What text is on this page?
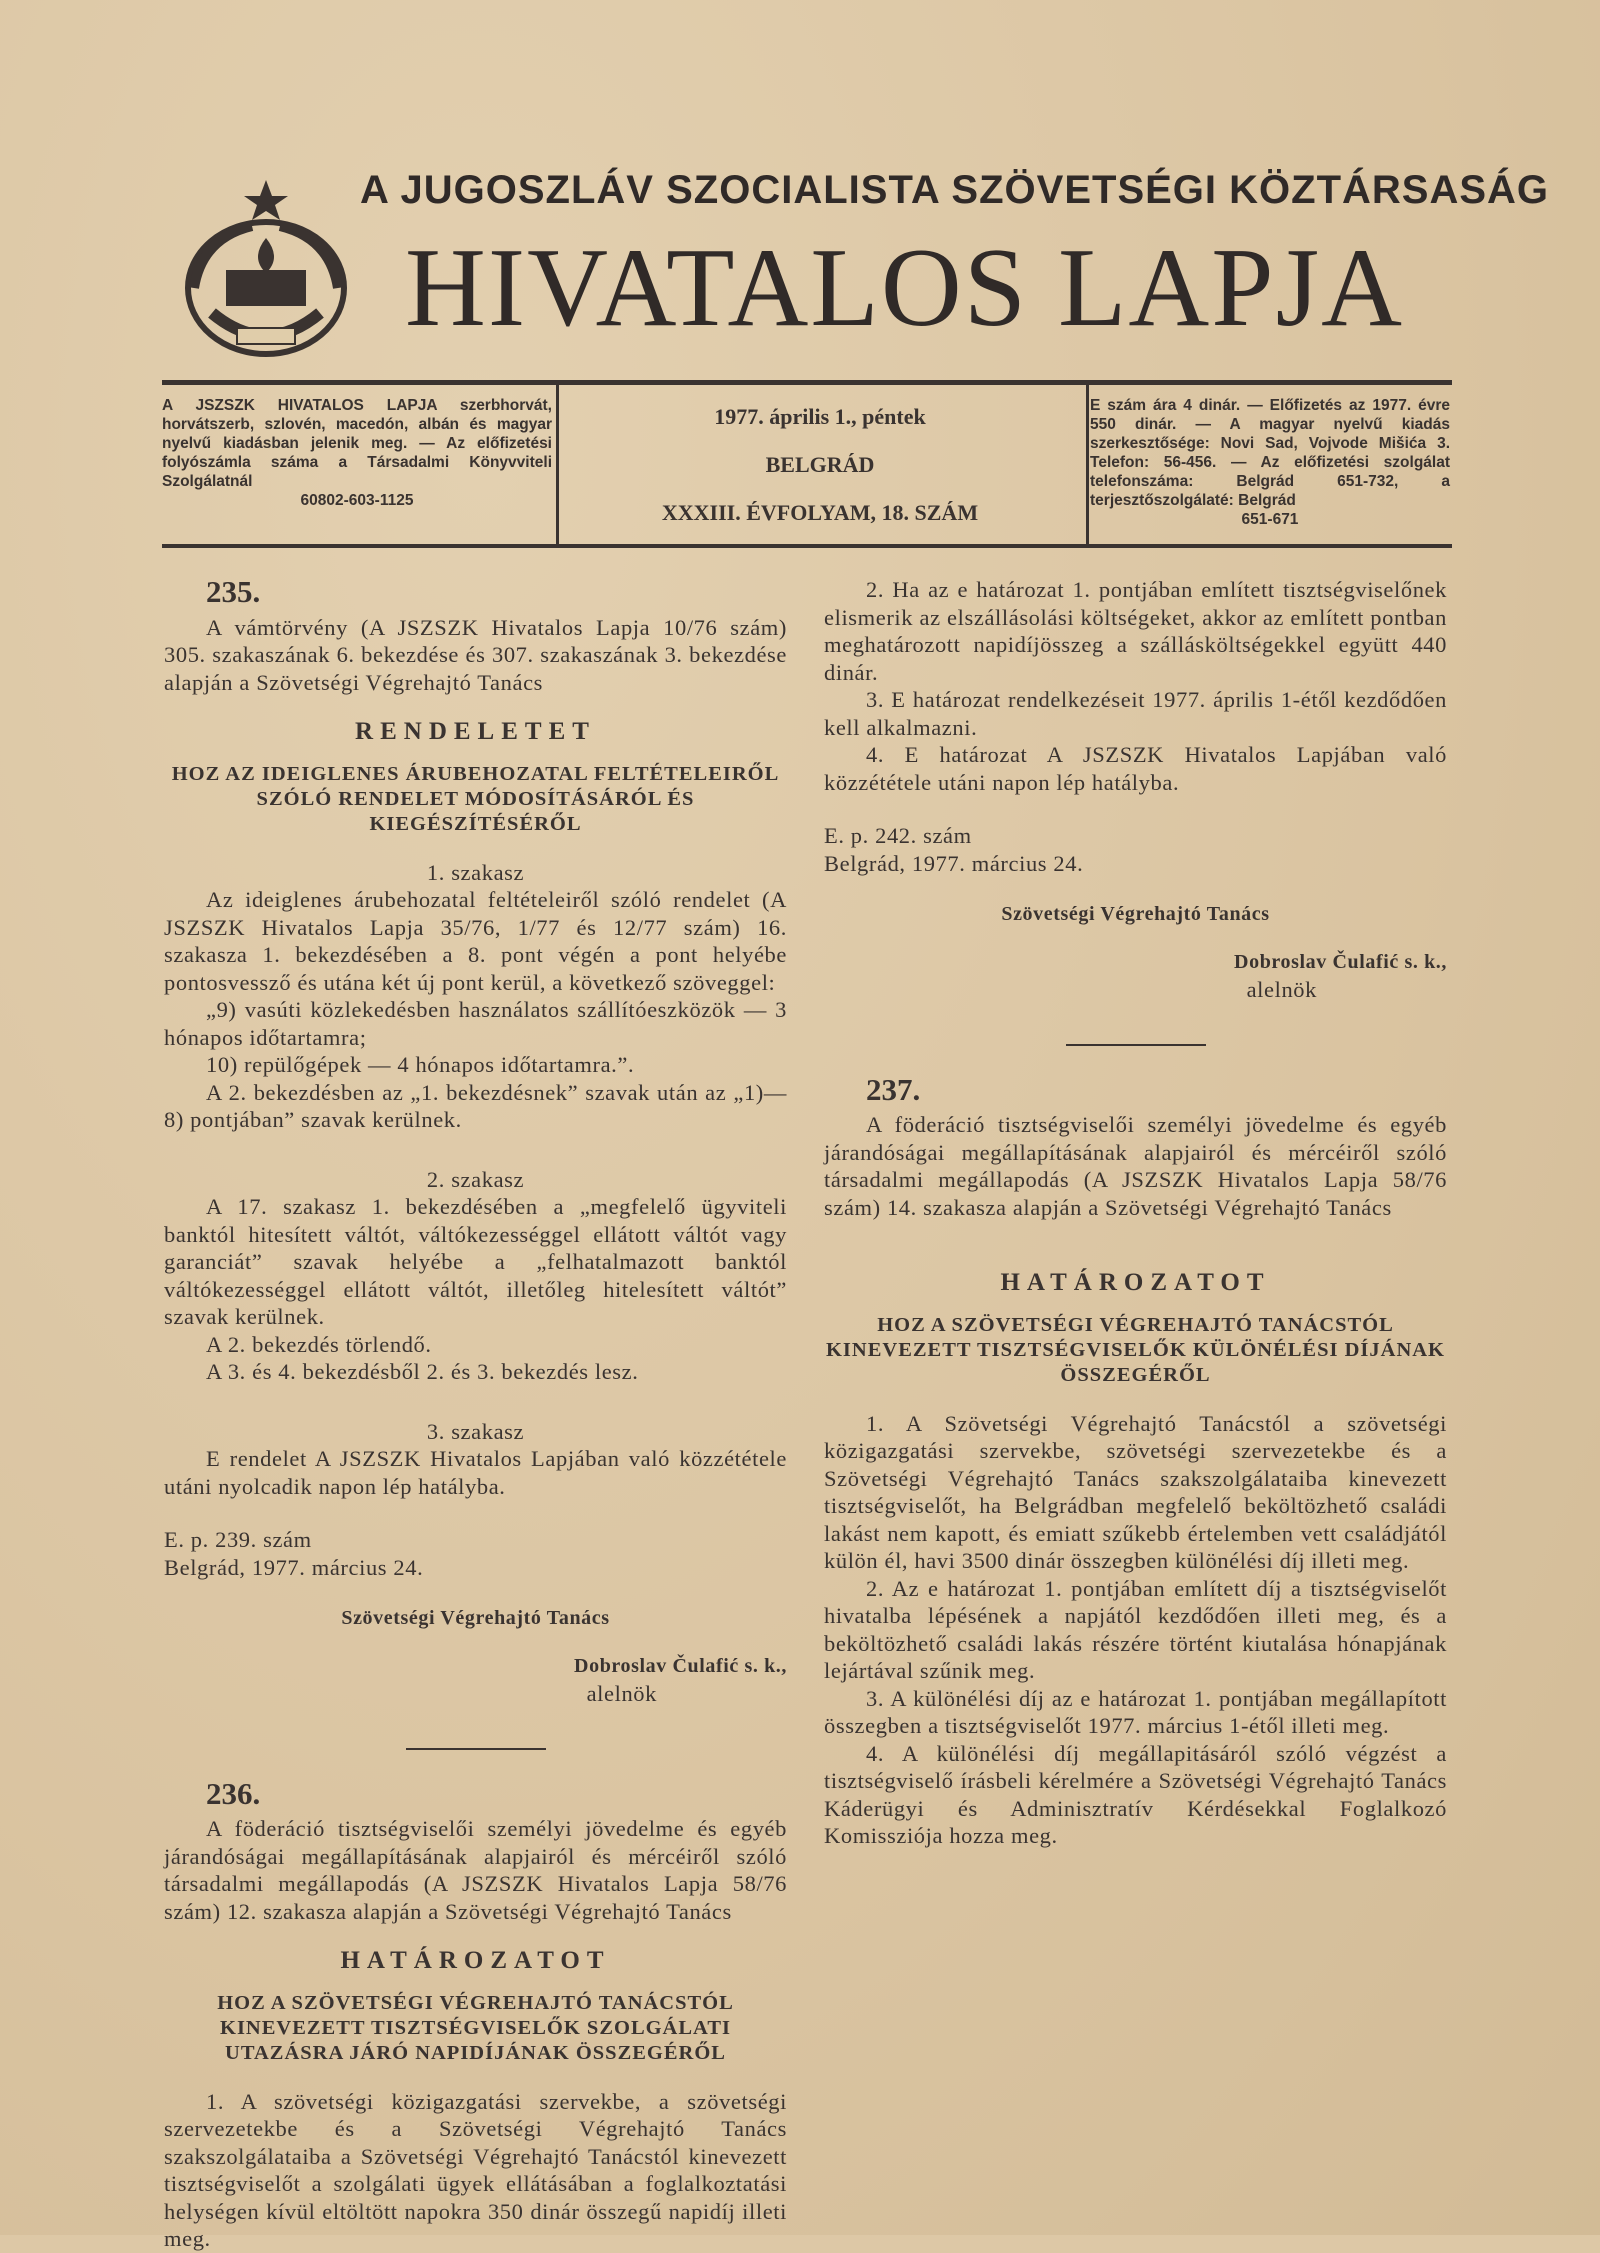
A JUGOSZLÁV SZOCIALISTA SZÖVETSÉGI KÖZTÁRSASÁG
HIVATALOS LAPJA
A JSZSZK HIVATALOS LAPJA szerbhorvát, horvátszerb, szlovén, macedón, albán és magyar nyelvű kiadásban jelenik meg. — Az előfizetési folyószámla száma a Társadalmi Könyvviteli Szolgálatnál
60802-603-1125
1977. április 1., péntek
BELGRÁD
XXXIII. ÉVFOLYAM, 18. SZÁM
E szám ára 4 dinár. — Előfizetés az 1977. évre 550 dinár. — A magyar nyelvű kiadás szerkesztősége: Novi Sad, Vojvode Mišića 3. Telefon: 56-456. — Az előfizetési szolgálat telefonszáma: Belgrád 651-732, a terjesztőszolgálaté: Belgrád
651-671
235.

A vámtörvény (A JSZSZK Hivatalos Lapja 10/76 szám) 305. szakaszának 6. bekezdése és 307. szakaszának 3. bekezdése alapján a Szövetségi Végrehajtó Tanács

RENDELETET
HOZ AZ IDEIGLENES ÁRUBEHOZATAL FELTÉTELEIRŐL SZÓLÓ RENDELET MÓDOSÍTÁSÁRÓL ÉS KIEGÉSZÍTÉSÉRŐL
1. szakasz

Az ideiglenes árubehozatal feltételeiről szóló rendelet (A JSZSZK Hivatalos Lapja 35/76, 1/77 és 12/77 szám) 16. szakasza 1. bekezdésében a 8. pont végén a pont helyébe pontosvessző és utána két új pont kerül, a következő szöveggel:

„9) vasúti közlekedésben használatos szállítóeszközök — 3 hónapos időtartamra;

10) repülőgépek — 4 hónapos időtartamra.”.

A 2. bekezdésben az „1. bekezdésnek” szavak után az „1)—8) pontjában” szavak kerülnek.

2. szakasz

A 17. szakasz 1. bekezdésében a „megfelelő ügyviteli banktól hitesített váltót, váltókezességgel ellátott váltót vagy garanciát” szavak helyébe a „felhatalmazott banktól váltókezességgel ellátott váltót, illetőleg hitelesített váltót” szavak kerülnek.

A 2. bekezdés törlendő.

A 3. és 4. bekezdésből 2. és 3. bekezdés lesz.

3. szakasz

E rendelet A JSZSZK Hivatalos Lapjában való közzététele utáni nyolcadik napon lép hatályba.

E. p. 239. szám

Belgrád, 1977. március 24.

Szövetségi Végrehajtó Tanács
Dobroslav Čulafić s. k.,
alelnök
236.

A föderáció tisztségviselői személyi jövedelme és egyéb járandóságai megállapításának alapjairól és mércéiről szóló társadalmi megállapodás (A JSZSZK Hivatalos Lapja 58/76 szám) 12. szakasza alapján a Szövetségi Végrehajtó Tanács

HATÁROZATOT
HOZ A SZÖVETSÉGI VÉGREHAJTÓ TANÁCSTÓL KINEVEZETT TISZTSÉGVISELŐK SZOLGÁLATI UTAZÁSRA JÁRÓ NAPIDÍJÁNAK ÖSSZEGÉRŐL

1. A szövetségi közigazgatási szervekbe, a szövetségi szervezetekbe és a Szövetségi Végrehajtó Tanács szakszolgálataiba a Szövetségi Végrehajtó Tanácstól kinevezett tisztségviselőt a szolgálati ügyek ellátásában a foglalkoztatási helységen kívül eltöltött napokra 350 dinár összegű napidíj illeti meg.

2. Ha az e határozat 1. pontjában említett tisztségviselőnek elismerik az elszállásolási költségeket, akkor az említett pontban meghatározott napidíjösszeg a szállásköltségekkel együtt 440 dinár.

3. E határozat rendelkezéseit 1977. április 1-étől kezdődően kell alkalmazni.

4. E határozat A JSZSZK Hivatalos Lapjában való közzététele utáni napon lép hatályba.

E. p. 242. szám

Belgrád, 1977. március 24.

Szövetségi Végrehajtó Tanács
Dobroslav Čulafić s. k.,
alelnök
237.

A föderáció tisztségviselői személyi jövedelme és egyéb járandóságai megállapításának alapjairól és mércéiről szóló társadalmi megállapodás (A JSZSZK Hivatalos Lapja 58/76 szám) 14. szakasza alapján a Szövetségi Végrehajtó Tanács

HATÁROZATOT
HOZ A SZÖVETSÉGI VÉGREHAJTÓ TANÁCSTÓL KINEVEZETT TISZTSÉGVISELŐK KÜLÖNÉLÉSI DÍJÁNAK ÖSSZEGÉRŐL

1. A Szövetségi Végrehajtó Tanácstól a szövetségi közigazgatási szervekbe, szövetségi szervezetekbe és a Szövetségi Végrehajtó Tanács szakszolgálataiba kinevezett tisztségviselőt, ha Belgrádban megfelelő beköltözhető családi lakást nem kapott, és emiatt szűkebb értelemben vett családjától külön él, havi 3500 dinár összegben különélési díj illeti meg.

2. Az e határozat 1. pontjában említett díj a tisztségviselőt hivatalba lépésének a napjától kezdődően illeti meg, és a beköltözhető családi lakás részére történt kiutalása hónapjának lejártával szűnik meg.

3. A különélési díj az e határozat 1. pontjában megállapított összegben a tisztségviselőt 1977. március 1-étől illeti meg.

4. A különélési díj megállapitásáról szóló végzést a tisztségviselő írásbeli kérelmére a Szövetségi Végrehajtó Tanács Káderügyi és Adminisztratív Kérdésekkal Foglalkozó Komissziója hozza meg.
